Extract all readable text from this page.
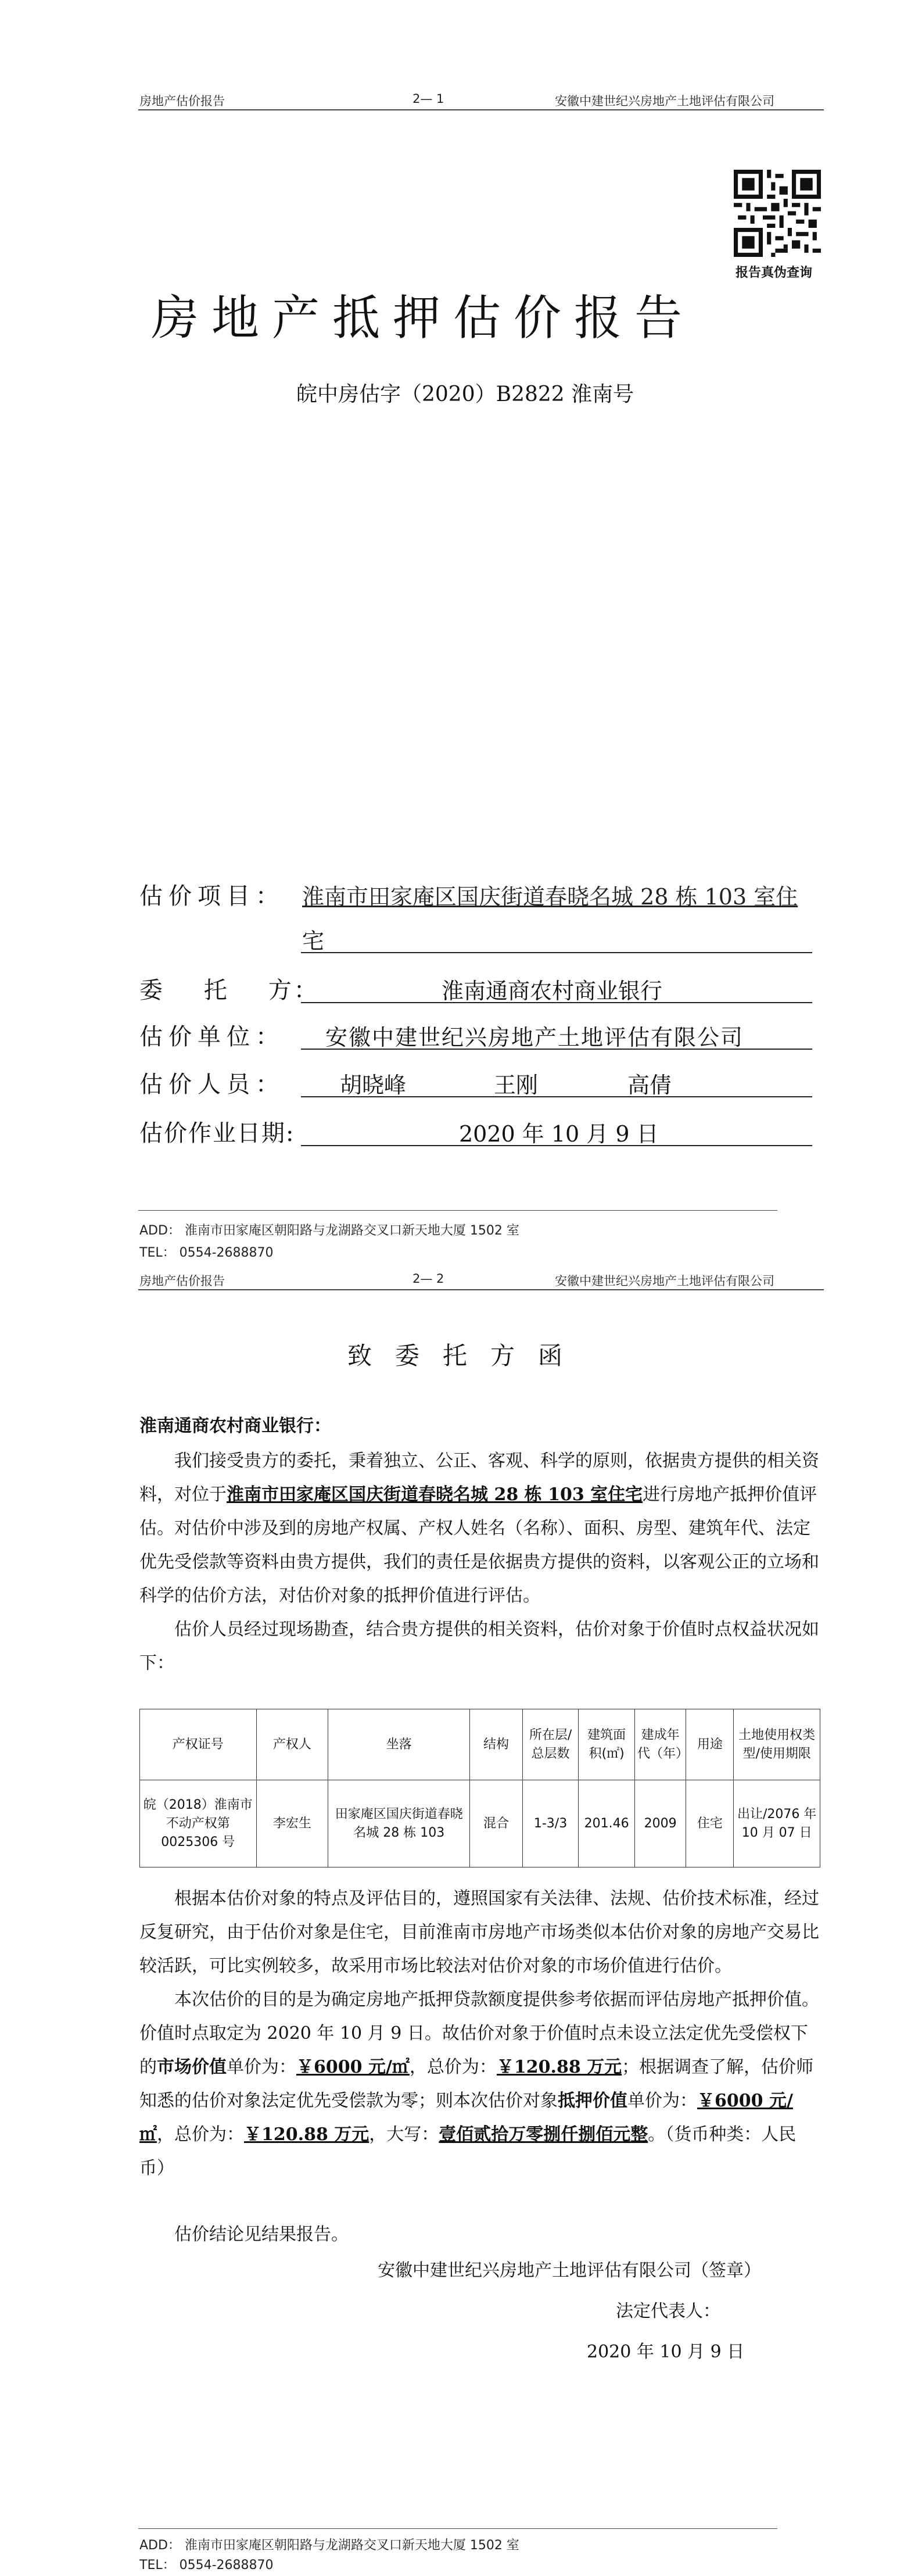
房地产估价报告	2— 1	安徽中建世纪兴房地产土地评估有限公司
报告真伪查询
房地产抵押估价报告
皖中房估字（2020）B2822 淮南号
估价项目： 淮南市田家庵区国庆街道春晓名城 28 栋 103 室住
宅
委    托    方：	淮南通商农村商业银行
估价单位： 安徽中建世纪兴房地产土地评估有限公司
估价人员：	胡晓峰	王刚	高倩
估价作业日期:	2020 年 10 月 9 日
ADD： 淮南市田家庵区朝阳路与龙湖路交叉口新天地大厦 1502 室
TEL： 0554-2688870
房地产估价报告	2— 2	安徽中建世纪兴房地产土地评估有限公司
致委托方函
淮南通商农村商业银行：
我们接受贵方的委托，秉着独立、公正、客观、科学的原则，依据贵方提供的相关资料，对位于淮南市田家庵区国庆街道春晓名城 28 栋 103 室住宅进行房地产抵押价值评估。对估价中涉及到的房地产权属、产权人姓名（名称）、面积、房型、建筑年代、法定优先受偿款等资料由贵方提供，我们的责任是依据贵方提供的资料，以客观公正的立场和科学的估价方法，对估价对象的抵押价值进行评估。
估价人员经过现场勘查，结合贵方提供的相关资料，估价对象于价值时点权益状况如下：
产权证号	产权人	坐落	结构	所在层/总层数	建筑面积(㎡)	建成年代（年）	用途	土地使用权类型/使用期限
皖（2018）淮南市不动产权第 0025306 号	李宏生	田家庵区国庆街道春晓名城 28 栋 103	混合	1-3/3	201.46	2009	住宅	出让/2076 年 10 月 07 日
根据本估价对象的特点及评估目的，遵照国家有关法律、法规、估价技术标准，经过反复研究，由于估价对象是住宅，目前淮南市房地产市场类似本估价对象的房地产交易比较活跃，可比实例较多，故采用市场比较法对估价对象的市场价值进行估价。
本次估价的目的是为确定房地产抵押贷款额度提供参考依据而评估房地产抵押价值。价值时点取定为 2020 年 10 月 9 日。故估价对象于价值时点未设立法定优先受偿权下的市场价值单价为：￥6000 元/㎡，总价为：￥120.88 万元；根据调查了解，估价师知悉的估价对象法定优先受偿款为零；则本次估价对象抵押价值单价为：￥6000 元/㎡，总价为：￥120.88 万元，大写：壹佰贰拾万零捌仟捌佰元整。（货币种类：人民币）
估价结论见结果报告。
安徽中建世纪兴房地产土地评估有限公司（签章）
法定代表人：
2020 年 10 月 9 日
ADD： 淮南市田家庵区朝阳路与龙湖路交叉口新天地大厦 1502 室
TEL： 0554-2688870
